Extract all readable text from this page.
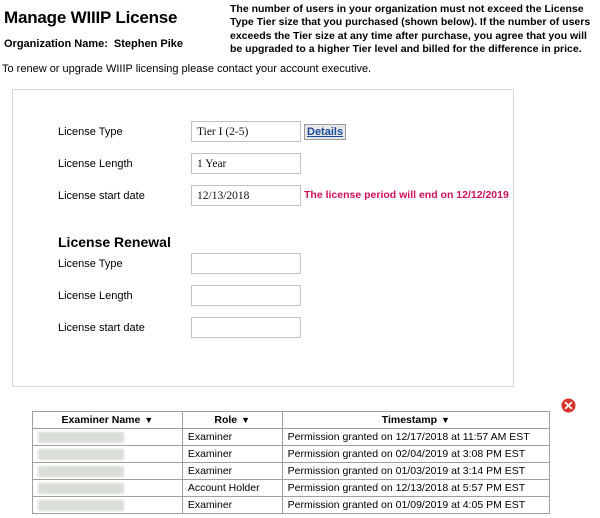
Manage WIIIP License
Organization Name: Stephen Pike
The number of users in your organization must not exceed the License Type Tier size that you purchased (shown below). If the number of users exceeds the Tier size at any time after purchase, you agree that you will be upgraded to a higher Tier level and billed for the difference in price.
To renew or upgrade WIIIP licensing please contact your account executive.
License Type
Tier I (2-5)	Details
License Length
1 Year
License start date
12/13/2018	The license period will end on 12/12/2019
License Renewal
License Type
License Length
License start date
Examiner Name ▼	Role ▼	Timestamp ▼
	Examiner	Permission granted on 12/17/2018 at 11:57 AM EST
	Examiner	Permission granted on 02/04/2019 at 3:08 PM EST
	Examiner	Permission granted on 01/03/2019 at 3:14 PM EST
	Account Holder	Permission granted on 12/13/2018 at 5:57 PM EST
	Examiner	Permission granted on 01/09/2019 at 4:05 PM EST
